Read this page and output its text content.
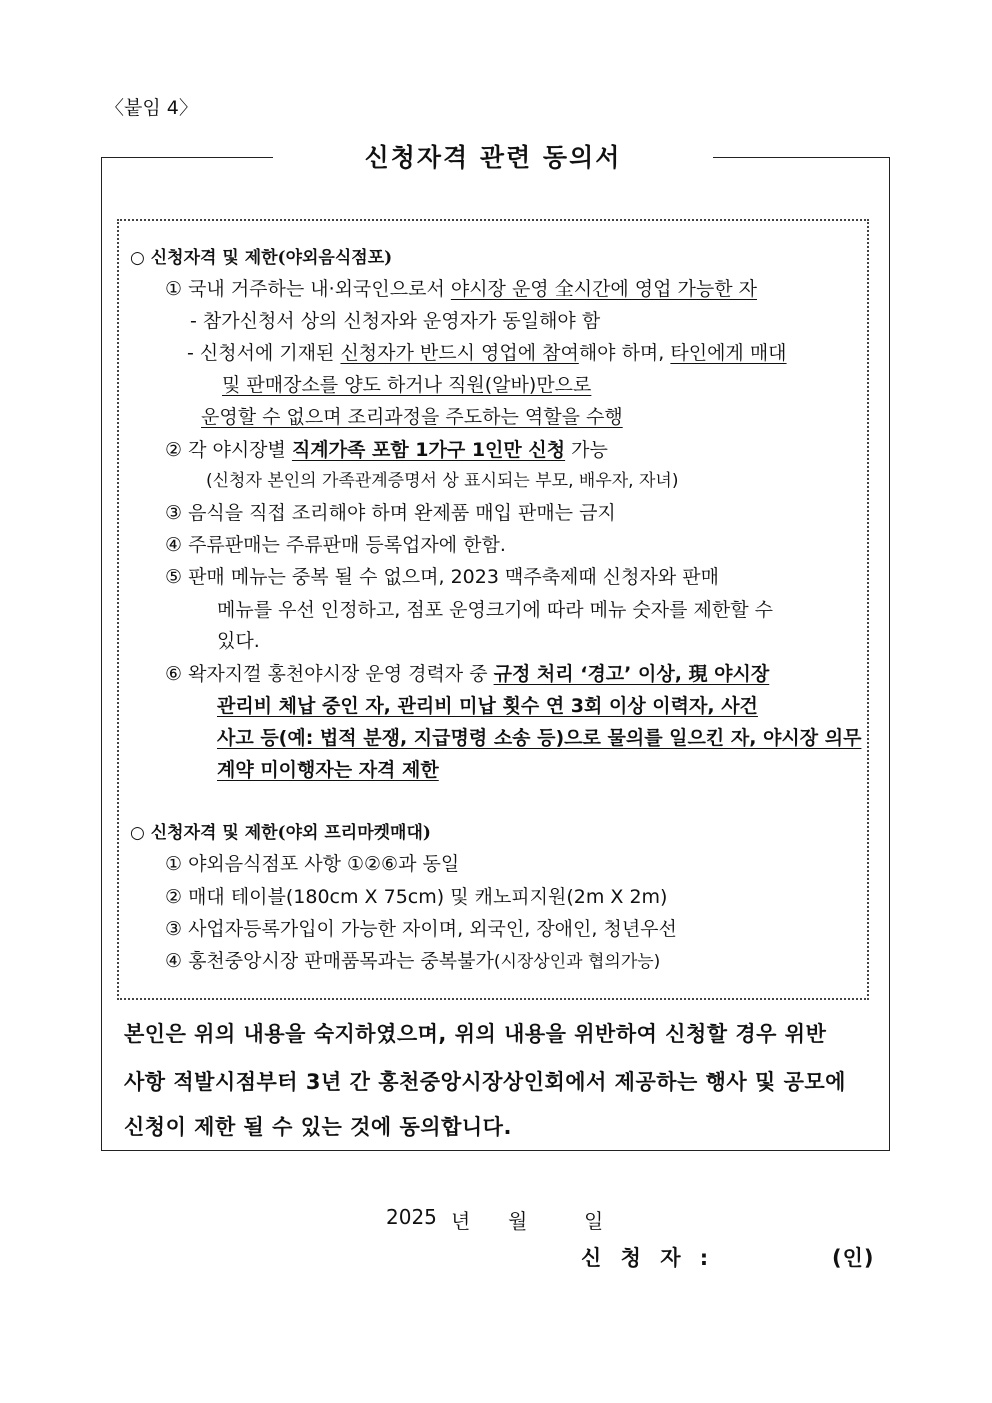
〈붙임 4〉
신청자격 관련 동의서
○ 신청자격 및 제한(야외음식점포)
① 국내 거주하는 내·외국인으로서 야시장 운영 全시간에 영업 가능한 자
- 참가신청서 상의 신청자와 운영자가 동일해야 함
- 신청서에 기재된 신청자가 반드시 영업에 참여해야 하며, 타인에게 매대
및 판매장소를 양도 하거나 직원(알바)만으로
운영할 수 없으며 조리과정을 주도하는 역할을 수행
② 각 야시장별 직계가족 포함 1가구 1인만 신청 가능
(신청자 본인의 가족관계증명서 상 표시되는 부모, 배우자, 자녀)
③ 음식을 직접 조리해야 하며 완제품 매입 판매는 금지
④ 주류판매는 주류판매 등록업자에 한함.
⑤ 판매 메뉴는 중복 될 수 없으며, 2023 맥주축제때 신청자와 판매
메뉴를 우선 인정하고, 점포 운영크기에 따라 메뉴 숫자를 제한할 수
있다.
⑥ 왁자지껄 홍천야시장 운영 경력자 중 규정 처리 ‘경고’ 이상, 現 야시장
관리비 체납 중인 자, 관리비 미납 횟수 연 3회 이상 이력자, 사건
사고 등(예: 법적 분쟁, 지급명령 소송 등)으로 물의를 일으킨 자, 야시장 의무
계약 미이행자는 자격 제한
○ 신청자격 및 제한(야외 프리마켓매대)
① 야외음식점포 사항 ①②⑥과 동일
② 매대 테이블(180cm X 75cm) 및 캐노피지원(2m X 2m)
③ 사업자등록가입이 가능한 자이며, 외국인, 장애인, 청년우선
④ 홍천중앙시장 판매품목과는 중복불가(시장상인과 협의가능)
본인은 위의 내용을 숙지하였으며, 위의 내용을 위반하여 신청할 경우 위반
사항 적발시점부터 3년 간 홍천중앙시장상인회에서 제공하는 행사 및 공모에
신청이 제한 될 수 있는 것에 동의합니다.
2025 년 월	일
신 청 자 :	(인)
